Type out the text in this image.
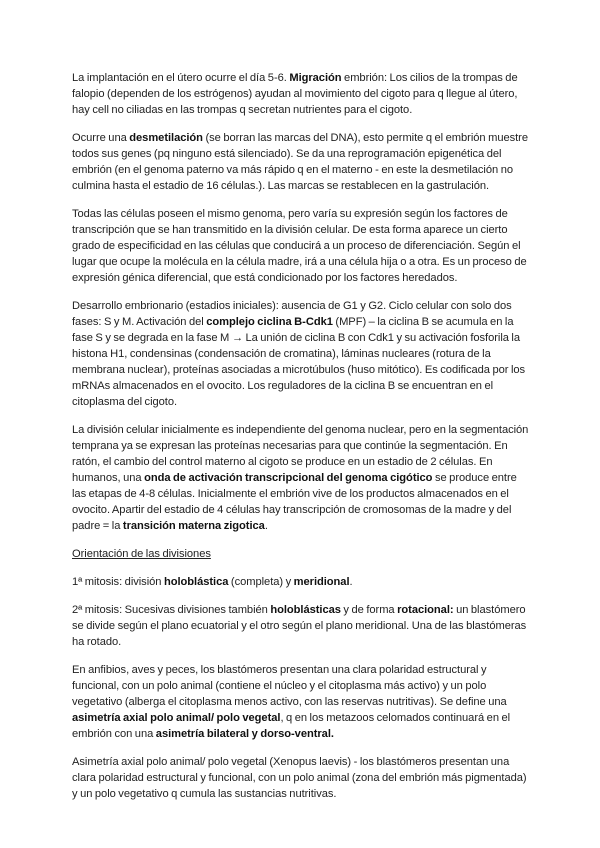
La implantación en el útero ocurre el día 5-6. Migración embrión: Los cilios de la trompas de falopio (dependen de los estrógenos) ayudan al movimiento del cigoto para q llegue al útero, hay cell no ciliadas en las trompas q secretan nutrientes para el cigoto.

Ocurre una desmetilación (se borran las marcas del DNA), esto permite q el embrión muestre todos sus genes (pq ninguno está silenciado). Se da una reprogramación epigenética del embrión (en el genoma paterno va más rápido q en el materno - en este la desmetilación no culmina hasta el estadio de 16 células.). Las marcas se restablecen en la gastrulación.

Todas las células poseen el mismo genoma, pero varía su expresión según los factores de transcripción que se han transmitido en la división celular. De esta forma aparece un cierto grado de especificidad en las células que conducirá a un proceso de diferenciación. Según el lugar que ocupe la molécula en la célula madre, irá a una célula hija o a otra. Es un proceso de expresión génica diferencial, que está condicionado por los factores heredados.

Desarrollo embrionario (estadios iniciales): ausencia de G1 y G2. Ciclo celular con solo dos fases: S y M. Activación del complejo ciclina B-Cdk1 (MPF) – la ciclina B se acumula en la fase S y se degrada en la fase M → La unión de ciclina B con Cdk1 y su activación fosforila la histona H1, condensinas (condensación de cromatina), láminas nucleares (rotura de la membrana nuclear), proteínas asociadas a microtúbulos (huso mitótico). Es codificada por los mRNAs almacenados en el ovocito. Los reguladores de la ciclina B se encuentran en el citoplasma del cigoto.

La división celular inicialmente es independiente del genoma nuclear, pero en la segmentación temprana ya se expresan las proteínas necesarias para que continúe la segmentación. En ratón, el cambio del control materno al cigoto se produce en un estadio de 2 células. En humanos, una onda de activación transcripcional del genoma cigótico se produce entre las etapas de 4-8 células. Inicialmente el embrión vive de los productos almacenados en el ovocito. Apartir del estadio de 4 células hay transcripción de cromosomas de la madre y del padre = la transición materna zigotica.

Orientación de las divisiones

1ª mitosis: división holoblástica (completa) y meridional.

2ª mitosis: Sucesivas divisiones también holoblásticas y de forma rotacional: un blastómero se divide según el plano ecuatorial y el otro según el plano meridional. Una de las blastómeras ha rotado.

En anfibios, aves y peces, los blastómeros presentan una clara polaridad estructural y funcional, con un polo animal (contiene el núcleo y el citoplasma más activo) y un polo vegetativo (alberga el citoplasma menos activo, con las reservas nutritivas). Se define una asimetría axial polo animal/ polo vegetal, q en los metazoos celomados continuará en el embrión con una asimetría bilateral y dorso-ventral.

Asimetría axial polo animal/ polo vegetal (Xenopus laevis) - los blastómeros presentan una clara polaridad estructural y funcional, con un polo animal (zona del embrión más pigmentada) y un polo vegetativo q cumula las sustancias nutritivas.
